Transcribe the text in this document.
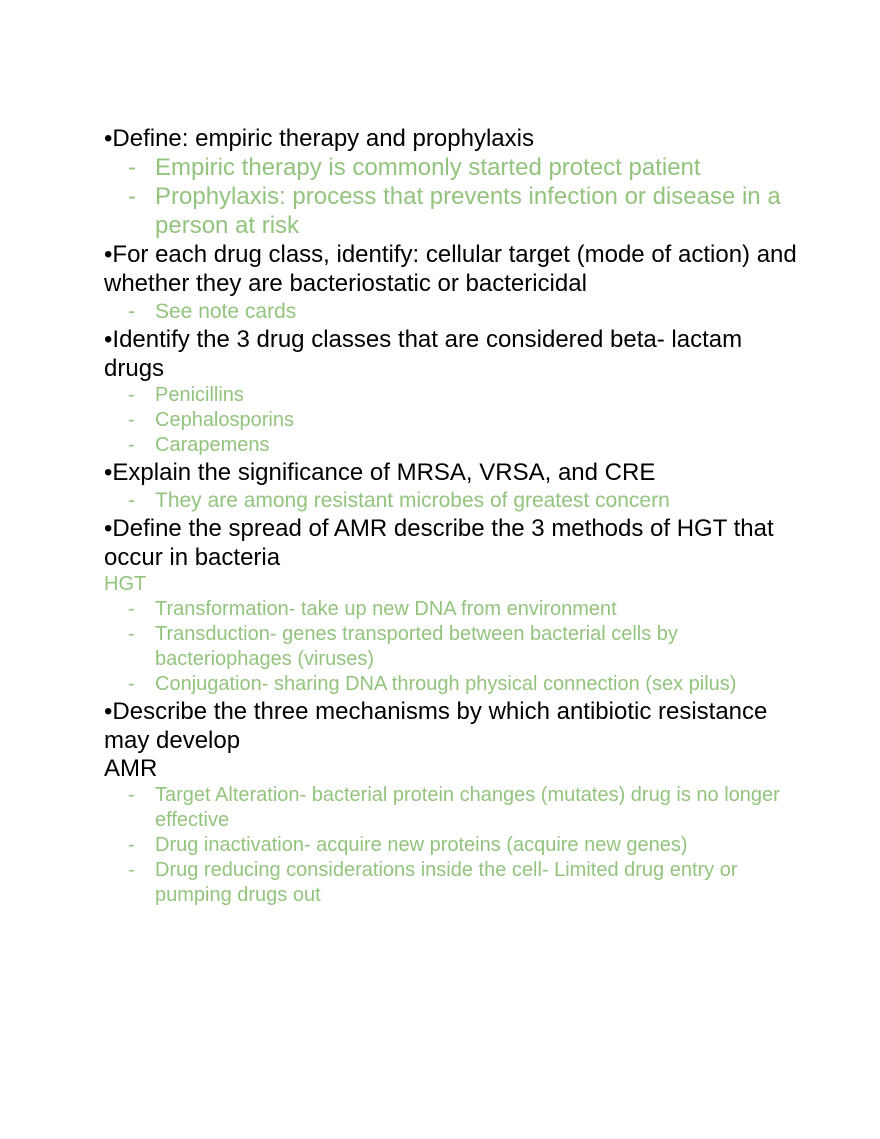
•Define: empiric therapy and prophylaxis

- Empiric therapy is commonly started protect patient
- Prophylaxis: process that prevents infection or disease in a person at risk

•For each drug class, identify: cellular target (mode of action) and whether they are bacteriostatic or bactericidal

- See note cards

•Identify the 3 drug classes that are considered beta- lactam drugs

- Penicillins
- Cephalosporins
- Carapemens

•Explain the significance of MRSA, VRSA, and CRE

- They are among resistant microbes of greatest concern

•Define the spread of AMR describe the 3 methods of HGT that occur in bacteria

HGT

- Transformation- take up new DNA from environment
- Transduction- genes transported between bacterial cells by bacteriophages (viruses)
- Conjugation- sharing DNA through physical connection (sex pilus)

•Describe the three mechanisms by which antibiotic resistance may develop

AMR

- Target Alteration- bacterial protein changes (mutates) drug is no longer effective
- Drug inactivation- acquire new proteins (acquire new genes)
- Drug reducing considerations inside the cell- Limited drug entry or pumping drugs out
